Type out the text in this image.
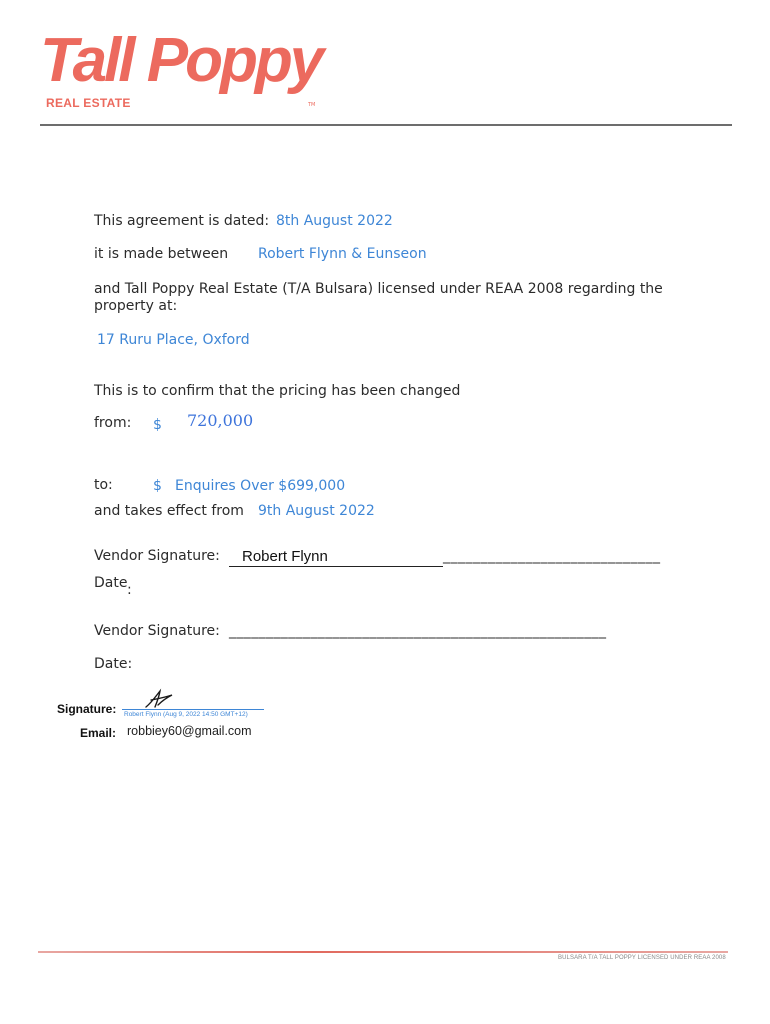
Tall Poppy
REAL ESTATE	TM
This agreement is dated: 8th August 2022
it is made between Robert Flynn & Eunseon
and Tall Poppy Real Estate (T/A Bulsara) licensed under REAA 2008 regarding the
property at:
17 Ruru Place, Oxford
This is to confirm that the pricing has been changed
from: $ 720,000
to:	$ Enquires Over $699,000
and takes effect from 9th August 2022
Vendor Signature: Robert Flynn	_____________________________
Date :
Vendor Signature: ___________________________________________________
Date:
Signature: Robert Flynn (Aug 9, 2022 14:50 GMT+12)
Email: robbiey60@gmail.com
BULSARA T/A TALL POPPY LICENSED UNDER REAA 2008
